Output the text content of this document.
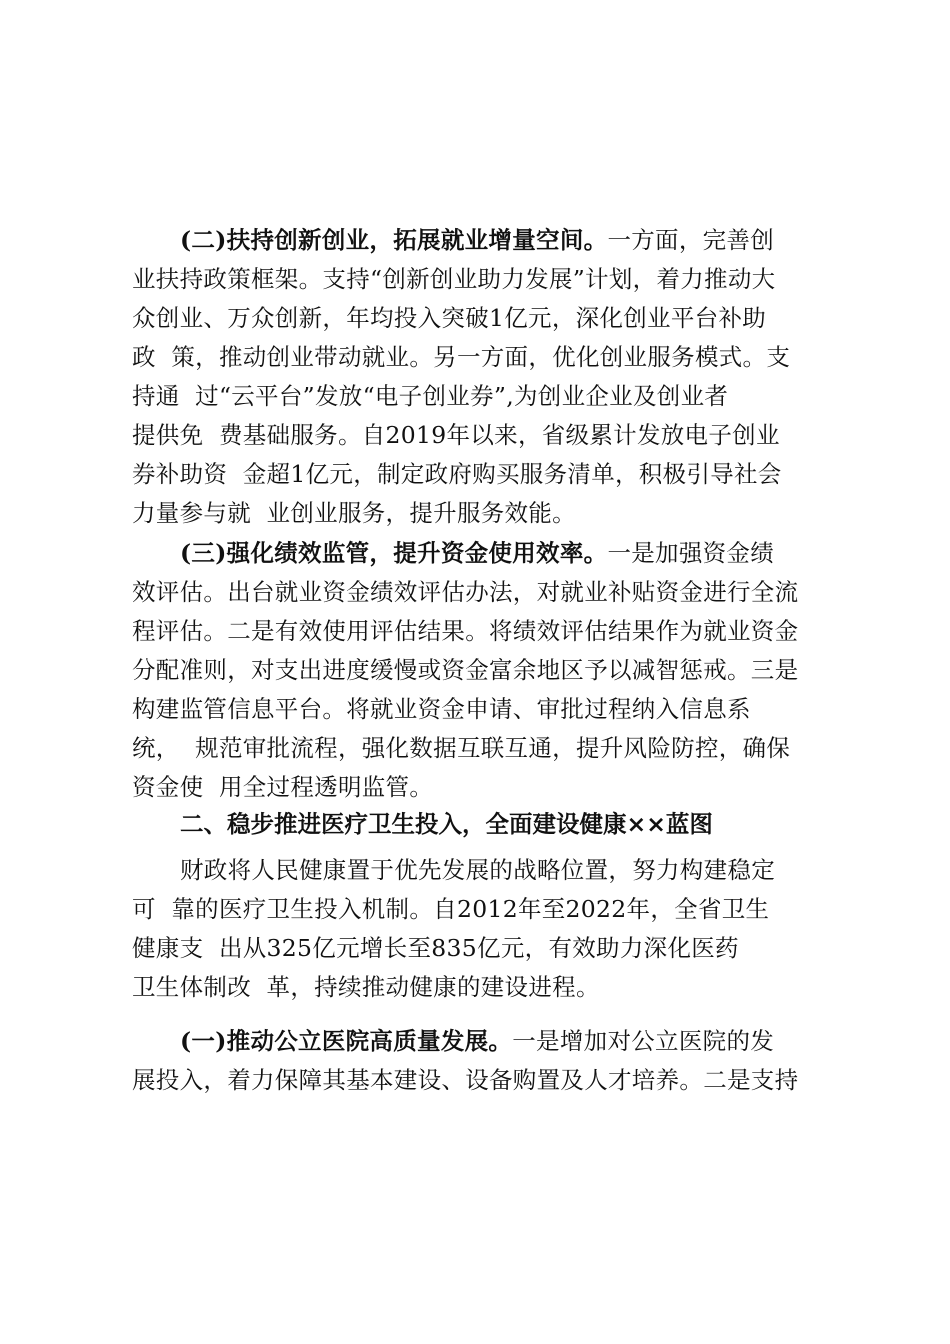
(二)扶持创新创业，拓展就业增量空间。一方面，完善创
业扶持政策框架。支持“创新创业助力发展”计划，着力推动大
众创业、万众创新，年均投入突破1亿元，深化创业平台补助
政  策，推动创业带动就业。另一方面，优化创业服务模式。支
持通  过“云平台”发放“电子创业券”,为创业企业及创业者
提供免  费基础服务。自2019年以来，省级累计发放电子创业
券补助资  金超1亿元，制定政府购买服务清单，积极引导社会
力量参与就  业创业服务，提升服务效能。
(三)强化绩效监管，提升资金使用效率。一是加强资金绩
效评估。出台就业资金绩效评估办法，对就业补贴资金进行全流
程评估。二是有效使用评估结果。将绩效评估结果作为就业资金
分配准则，对支出进度缓慢或资金富余地区予以减智惩戒。三是
构建监管信息平台。将就业资金申请、审批过程纳入信息系
统，  规范审批流程，强化数据互联互通，提升风险防控，确保
资金使  用全过程透明监管。
二、稳步推进医疗卫生投入，全面建设健康××蓝图
财政将人民健康置于优先发展的战略位置，努力构建稳定
可  靠的医疗卫生投入机制。自2012年至2022年，全省卫生
健康支  出从325亿元增长至835亿元，有效助力深化医药
卫生体制改  革，持续推动健康的建设进程。
(一)推动公立医院高质量发展。一是增加对公立医院的发
展投入，着力保障其基本建设、设备购置及人才培养。二是支持
